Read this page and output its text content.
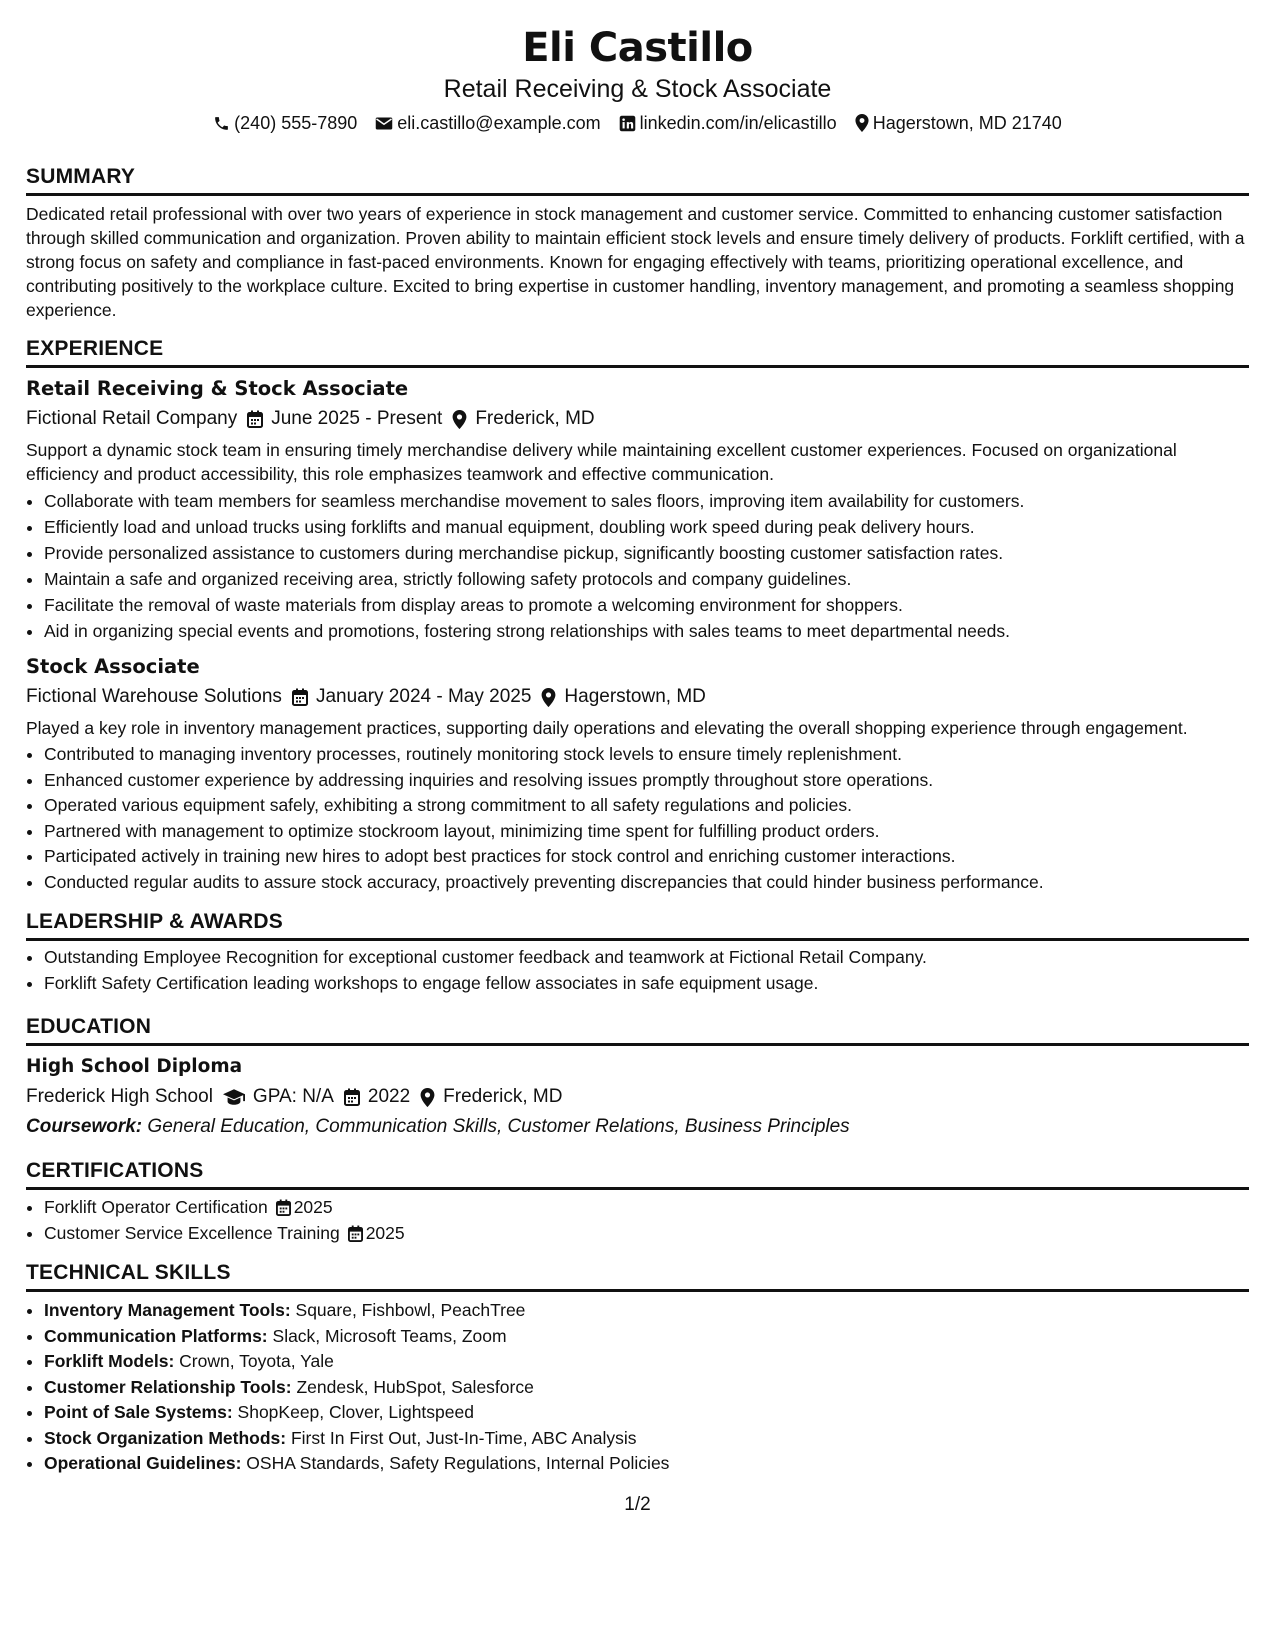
Eli Castillo
Retail Receiving & Stock Associate
(240) 555-7890 eli.castillo@example.com linkedin.com/in/elicastillo Hagerstown, MD 21740
SUMMARY

Dedicated retail professional with over two years of experience in stock management and customer service. Committed to enhancing customer satisfaction through skilled communication and organization. Proven ability to maintain efficient stock levels and ensure timely delivery of products. Forklift certified, with a strong focus on safety and compliance in fast-paced environments. Known for engaging effectively with teams, prioritizing operational excellence, and contributing positively to the workplace culture. Excited to bring expertise in customer handling, inventory management, and promoting a seamless shopping experience.

EXPERIENCE
Retail Receiving & Stock Associate
Fictional Retail Company June 2025 - Present Frederick, MD

Support a dynamic stock team in ensuring timely merchandise delivery while maintaining excellent customer experiences. Focused on organizational efficiency and product accessibility, this role emphasizes teamwork and effective communication.

• Collaborate with team members for seamless merchandise movement to sales floors, improving item availability for customers.
• Efficiently load and unload trucks using forklifts and manual equipment, doubling work speed during peak delivery hours.
• Provide personalized assistance to customers during merchandise pickup, significantly boosting customer satisfaction rates.
• Maintain a safe and organized receiving area, strictly following safety protocols and company guidelines.
• Facilitate the removal of waste materials from display areas to promote a welcoming environment for shoppers.
• Aid in organizing special events and promotions, fostering strong relationships with sales teams to meet departmental needs.
Stock Associate
Fictional Warehouse Solutions January 2024 - May 2025 Hagerstown, MD

Played a key role in inventory management practices, supporting daily operations and elevating the overall shopping experience through engagement.

• Contributed to managing inventory processes, routinely monitoring stock levels to ensure timely replenishment.
• Enhanced customer experience by addressing inquiries and resolving issues promptly throughout store operations.
• Operated various equipment safely, exhibiting a strong commitment to all safety regulations and policies.
• Partnered with management to optimize stockroom layout, minimizing time spent for fulfilling product orders.
• Participated actively in training new hires to adopt best practices for stock control and enriching customer interactions.
• Conducted regular audits to assure stock accuracy, proactively preventing discrepancies that could hinder business performance.
LEADERSHIP & AWARDS
• Outstanding Employee Recognition for exceptional customer feedback and teamwork at Fictional Retail Company.
• Forklift Safety Certification leading workshops to engage fellow associates in safe equipment usage.
EDUCATION
High School Diploma
Frederick High School GPA: N/A 2022 Frederick, MD
Coursework: General Education, Communication Skills, Customer Relations, Business Principles
CERTIFICATIONS
• Forklift Operator Certification 2025
• Customer Service Excellence Training 2025
TECHNICAL SKILLS
• Inventory Management Tools: Square, Fishbowl, PeachTree
• Communication Platforms: Slack, Microsoft Teams, Zoom
• Forklift Models: Crown, Toyota, Yale
• Customer Relationship Tools: Zendesk, HubSpot, Salesforce
• Point of Sale Systems: ShopKeep, Clover, Lightspeed
• Stock Organization Methods: First In First Out, Just-In-Time, ABC Analysis
• Operational Guidelines: OSHA Standards, Safety Regulations, Internal Policies
1/2
